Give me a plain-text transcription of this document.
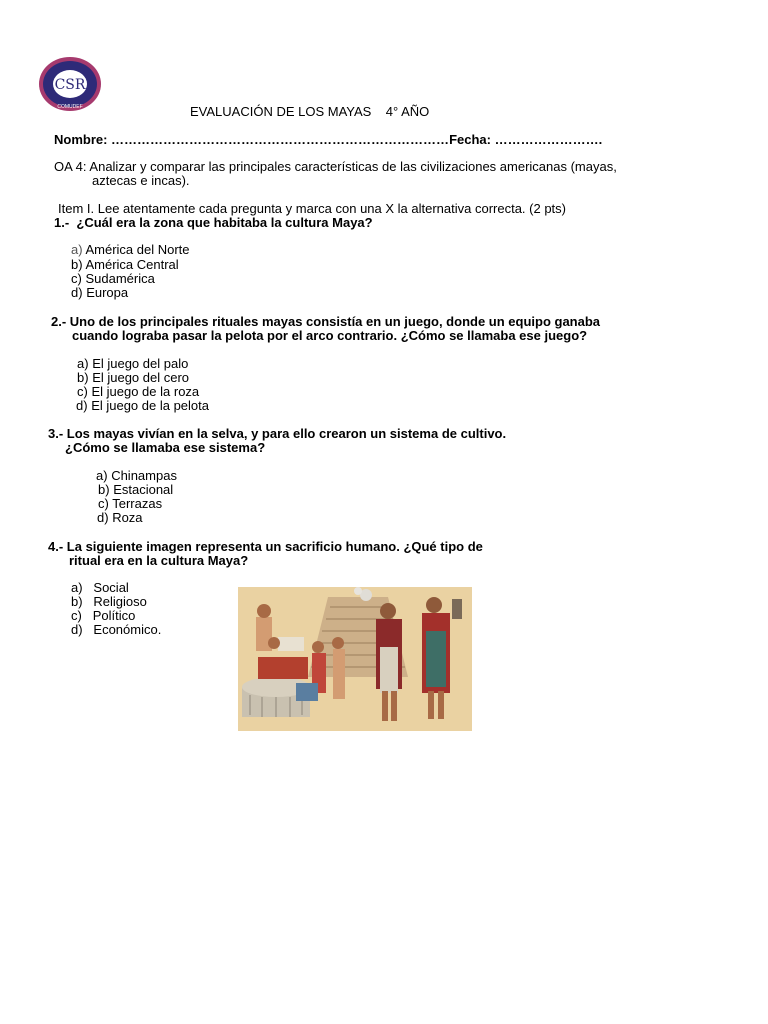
CSR
COMUDEF	EVALUACIÓN DE LOS MAYAS 4° AÑO
Nombre: ……………………………………………………………………Fecha: …………………….
OA 4: Analizar y comparar las principales características de las civilizaciones americanas (mayas,
aztecas e incas).
Item I. Lee atentamente cada pregunta y marca con una X la alternativa correcta. (2 pts)
1.- ¿Cuál era la zona que habitaba la cultura Maya?
a) América del Norte
b) América Central
c) Sudamérica
d) Europa
2.- Uno de los principales rituales mayas consistía en un juego, donde un equipo ganaba
cuando lograba pasar la pelota por el arco contrario. ¿Cómo se llamaba ese juego?
a) El juego del palo
b) El juego del cero
c) El juego de la roza
d) El juego de la pelota
3.- Los mayas vivían en la selva, y para ello crearon un sistema de cultivo.
¿Cómo se llamaba ese sistema?
a) Chinampas
b) Estacional
c) Terrazas
d) Roza
4.- La siguiente imagen representa un sacrificio humano. ¿Qué tipo de
ritual era en la cultura Maya?
a) Social
b) Religioso
c) Político
d) Económico.
